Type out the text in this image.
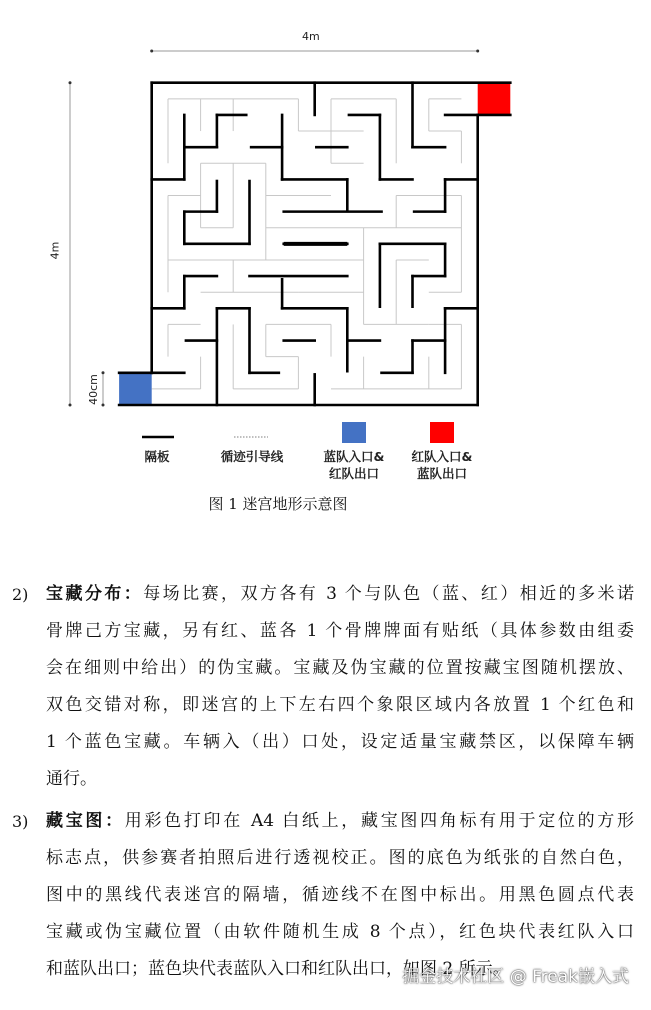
4m
4m
40cm
隔板	循迹引导线	蓝队入口&
红队出口
红队入口&
蓝队出口
图 1 迷宫地形示意图
2) 宝藏分布：每场比赛，双方各有 3 个与队色（蓝、红）相近的多米诺
骨牌己方宝藏，另有红、蓝各 1 个骨牌牌面有贴纸（具体参数由组委
会在细则中给出）的伪宝藏。宝藏及伪宝藏的位置按藏宝图随机摆放、
双色交错对称，即迷宫的上下左右四个象限区域内各放置 1 个红色和
1 个蓝色宝藏。车辆入（出）口处，设定适量宝藏禁区，以保障车辆
通行。
3) 藏宝图：用彩色打印在 A4 白纸上，藏宝图四角标有用于定位的方形
标志点，供参赛者拍照后进行透视校正。图的底色为纸张的自然白色，
图中的黑线代表迷宫的隔墙，循迹线不在图中标出。用黑色圆点代表
宝藏或伪宝藏位置（由软件随机生成 8 个点），红色块代表红队入口
和蓝队出口；蓝色块代表蓝队入口和红队出口，如图 2 所示。
掘金技术社区 @ Freak嵌入式
